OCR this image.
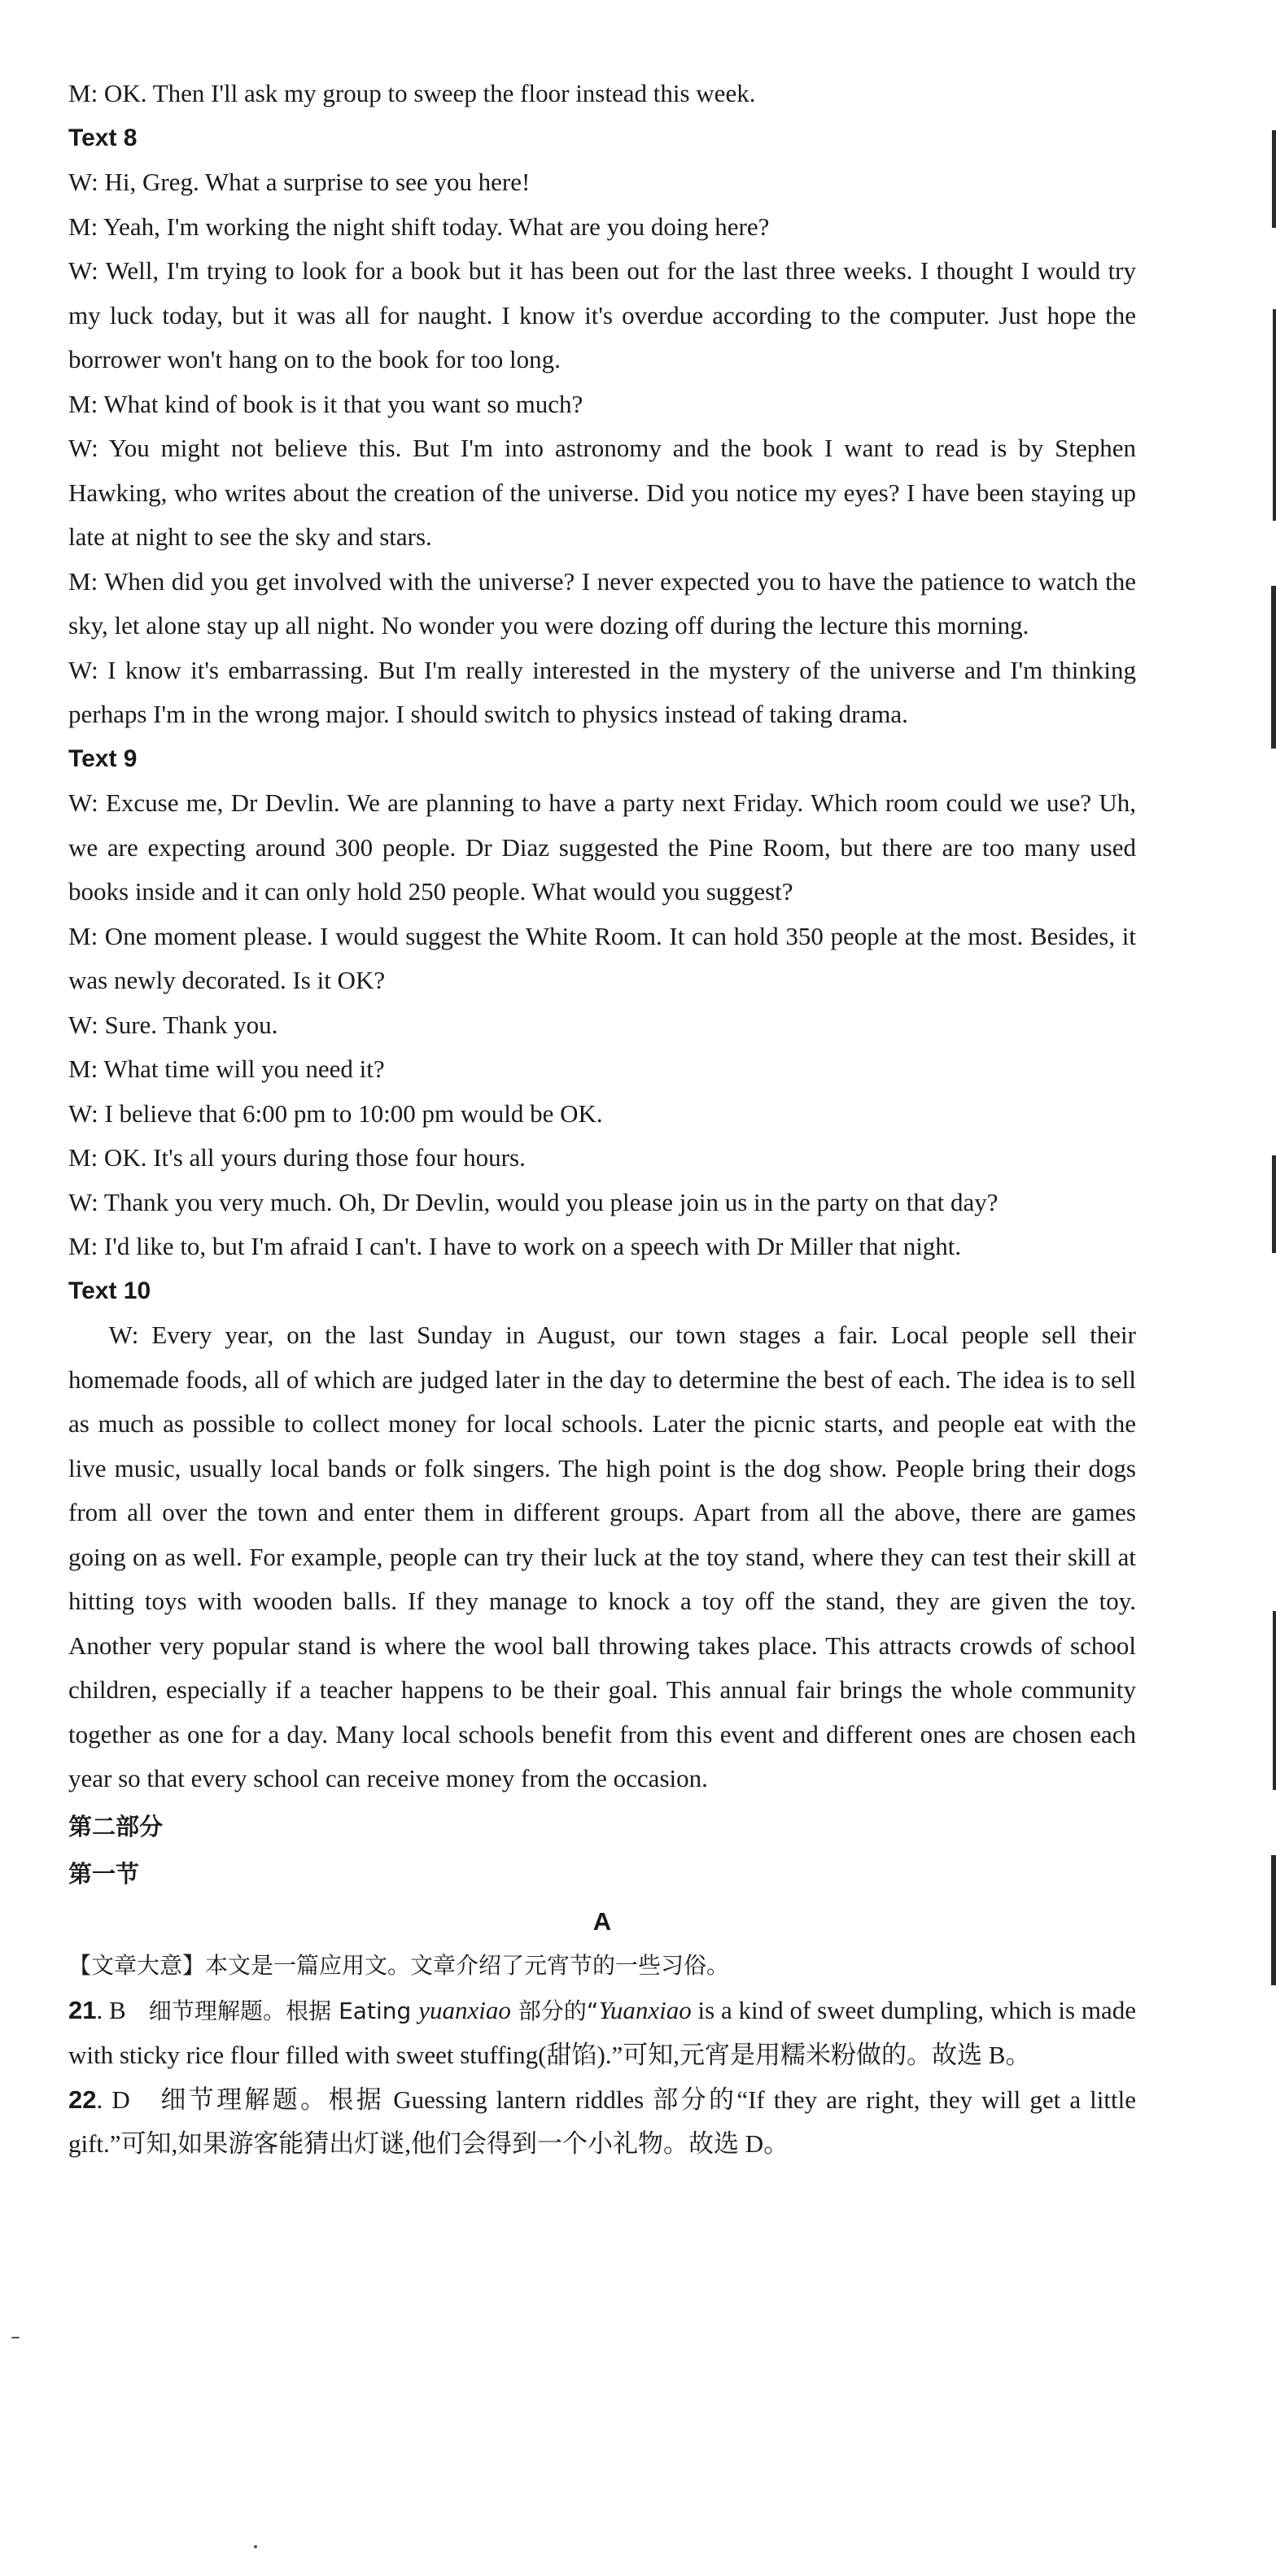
M: OK. Then I'll ask my group to sweep the floor instead this week.
Text 8
W: Hi, Greg. What a surprise to see you here!
M: Yeah, I'm working the night shift today. What are you doing here?
W: Well, I'm trying to look for a book but it has been out for the last three weeks. I thought I would try my luck today, but it was all for naught. I know it's overdue according to the computer. Just hope the borrower won't hang on to the book for too long.
M: What kind of book is it that you want so much?
W: You might not believe this. But I'm into astronomy and the book I want to read is by Stephen Hawking, who writes about the creation of the universe. Did you notice my eyes? I have been staying up late at night to see the sky and stars.
M: When did you get involved with the universe? I never expected you to have the patience to watch the sky, let alone stay up all night. No wonder you were dozing off during the lecture this morning.
W: I know it's embarrassing. But I'm really interested in the mystery of the universe and I'm thinking perhaps I'm in the wrong major. I should switch to physics instead of taking drama.
Text 9
W: Excuse me, Dr Devlin. We are planning to have a party next Friday. Which room could we use? Uh, we are expecting around 300 people. Dr Diaz suggested the Pine Room, but there are too many used books inside and it can only hold 250 people. What would you suggest?
M: One moment please. I would suggest the White Room. It can hold 350 people at the most. Besides, it was newly decorated. Is it OK?
W: Sure. Thank you.
M: What time will you need it?
W: I believe that 6:00 pm to 10:00 pm would be OK.
M: OK. It's all yours during those four hours.
W: Thank you very much. Oh, Dr Devlin, would you please join us in the party on that day?
M: I'd like to, but I'm afraid I can't. I have to work on a speech with Dr Miller that night.
Text 10
W: Every year, on the last Sunday in August, our town stages a fair. Local people sell their homemade foods, all of which are judged later in the day to determine the best of each. The idea is to sell as much as possible to collect money for local schools. Later the picnic starts, and people eat with the live music, usually local bands or folk singers. The high point is the dog show. People bring their dogs from all over the town and enter them in different groups. Apart from all the above, there are games going on as well. For example, people can try their luck at the toy stand, where they can test their skill at hitting toys with wooden balls. If they manage to knock a toy off the stand, they are given the toy. Another very popular stand is where the wool ball throwing takes place. This attracts crowds of school children, especially if a teacher happens to be their goal. This annual fair brings the whole community together as one for a day. Many local schools benefit from this event and different ones are chosen each year so that every school can receive money from the occasion.
第二部分
第一节
A
【文章大意】本文是一篇应用文。文章介绍了元宵节的一些习俗。
21. B　细节理解题。根据 Eating yuanxiao 部分的“Yuanxiao is a kind of sweet dumpling, which is made with sticky rice flour filled with sweet stuffing(甜馅).”可知,元宵是用糯米粉做的。故选 B。
22. D　细节理解题。根据 Guessing lantern riddles 部分的“If they are right, they will get a little gift.”可知,如果游客能猜出灯谜,他们会得到一个小礼物。故选 D。
